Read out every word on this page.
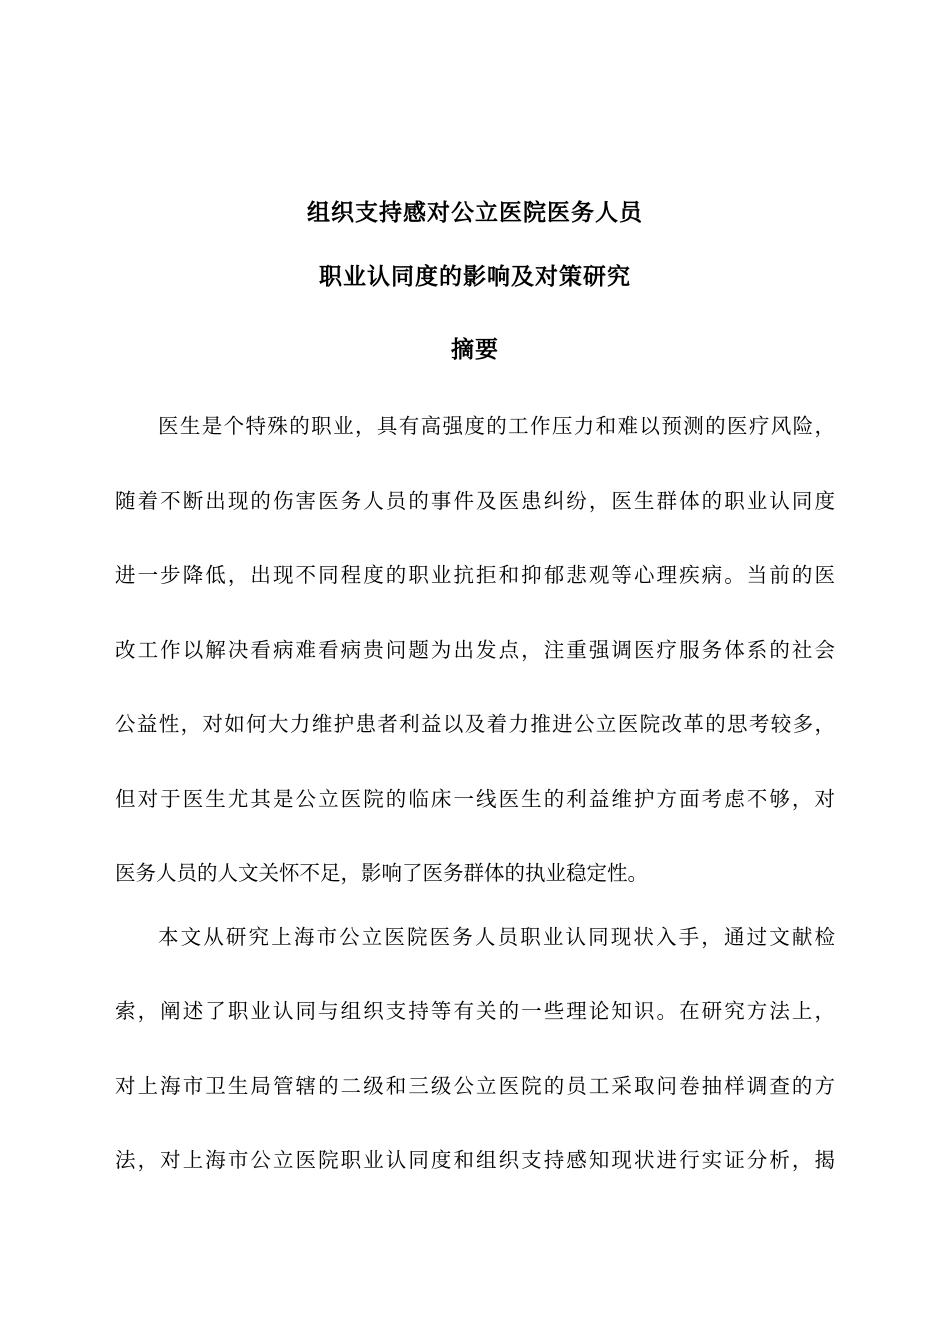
组织支持感对公立医院医务人员
职业认同度的影响及对策研究
摘要
医生是个特殊的职业，具有高强度的工作压力和难以预测的医疗风险，
随着不断出现的伤害医务人员的事件及医患纠纷，医生群体的职业认同度
进一步降低，出现不同程度的职业抗拒和抑郁悲观等心理疾病。当前的医
改工作以解决看病难看病贵问题为出发点，注重强调医疗服务体系的社会
公益性，对如何大力维护患者利益以及着力推进公立医院改革的思考较多，
但对于医生尤其是公立医院的临床一线医生的利益维护方面考虑不够，对
医务人员的人文关怀不足，影响了医务群体的执业稳定性。
本文从研究上海市公立医院医务人员职业认同现状入手，通过文献检
索，阐述了职业认同与组织支持等有关的一些理论知识。在研究方法上，
对上海市卫生局管辖的二级和三级公立医院的员工采取问卷抽样调查的方
法，对上海市公立医院职业认同度和组织支持感知现状进行实证分析，揭
